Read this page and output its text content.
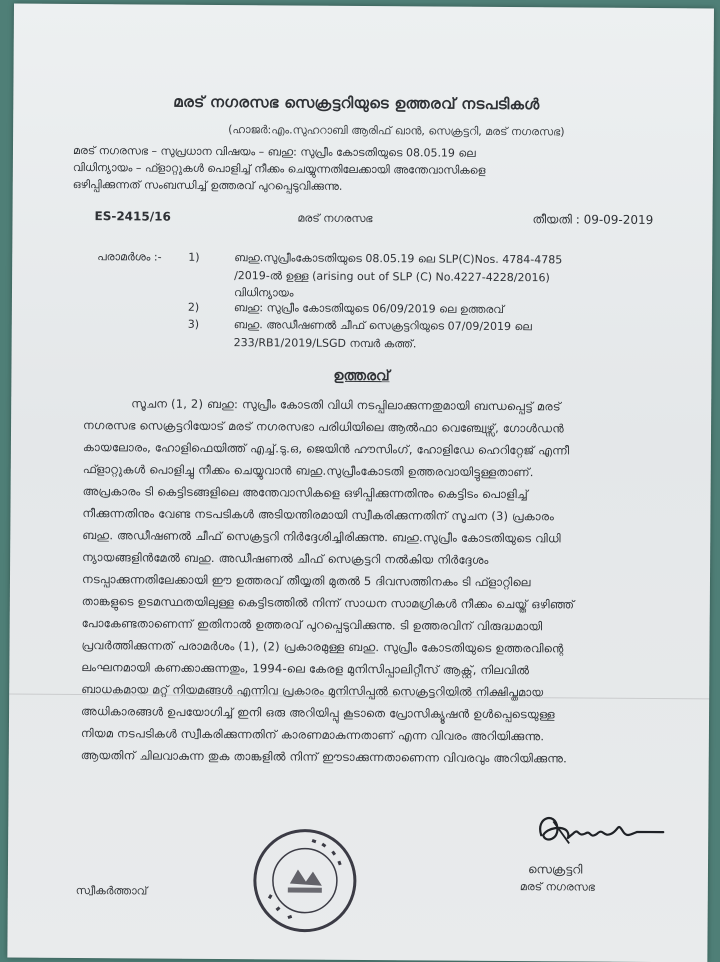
മരട് നഗരസഭ സെക്രട്ടറിയുടെ ഉത്തരവ് നടപടികൾ
(ഹാജർ:എം.സുഹറാബി ആരിഫ് ഖാൻ, സെക്രട്ടറി, മരട് നഗരസഭ)
മരട് നഗരസഭ – സുപ്രധാന വിഷയം – ബഹു: സുപ്രീം കോടതിയുടെ 08.05.19 ലെ
വിധിന്യായം – ഫ്ളാറ്റുകൾ പൊളിച്ച് നീക്കം ചെയ്യുന്നതിലേക്കായി അന്തേവാസികളെ
ഒഴിപ്പിക്കുന്നത് സംബന്ധിച്ച് ഉത്തരവ് പുറപ്പെടുവിക്കുന്നു.
ES-2415/16	മരട് നഗരസഭ	തീയതി : 09-09-2019
പരാമർശം :- 1)	ബഹു.സുപ്രീംകോടതിയുടെ 08.05.19 ലെ SLP(C)Nos. 4784-4785
/2019-ൽ ഉള്ള (arising out of SLP (C) No.4227-4228/2016)
വിധിന്യായം
2)	ബഹു: സുപ്രീം കോടതിയുടെ 06/09/2019 ലെ ഉത്തരവ്
3)	ബഹു. അഡീഷണൽ ചീഫ് സെക്രട്ടറിയുടെ 07/09/2019 ലെ
233/RB1/2019/LSGD നമ്പർ കത്ത്.
ഉത്തരവ്
സൂചന (1, 2) ബഹു: സുപ്രീം കോടതി വിധി നടപ്പിലാക്കുന്നതുമായി ബന്ധപ്പെട്ട് മരട്
നഗരസഭ സെക്രട്ടറിയോട് മരട് നഗരസഭാ പരിധിയിലെ ആൽഫാ വെഞ്ച്വേഴ്സ്, ഗോൾഡൻ
കായലോരം, ഹോളിഫെയിത്ത് എച്ച്.ടു.ഒ, ജെയിൻ ഹൗസിംഗ്, ഹോളിഡേ ഹെറിറ്റേജ് എന്നീ
ഫ്ളാറ്റുകൾ പൊളിച്ചു നീക്കം ചെയ്യുവാൻ ബഹു.സുപ്രീംകോടതി ഉത്തരവായിട്ടുള്ളതാണ്.
അപ്രകാരം ടി കെട്ടിടങ്ങളിലെ അന്തേവാസികളെ ഒഴിപ്പിക്കുന്നതിനും കെട്ടിടം പൊളിച്ച്
നീക്കുന്നതിനും വേണ്ട നടപടികൾ അടിയന്തിരമായി സ്വീകരിക്കുന്നതിന് സൂചന (3) പ്രകാരം
ബഹു. അഡീഷണൽ ചീഫ് സെക്രട്ടറി നിർദ്ദേശിച്ചിരിക്കുന്നു. ബഹു.സുപ്രീം കോടതിയുടെ വിധി
ന്യായങ്ങളിൻമേൽ ബഹു. അഡീഷണൽ ചീഫ് സെക്രട്ടറി നൽകിയ നിർദ്ദേശം
നടപ്പാക്കുന്നതിലേക്കായി ഈ ഉത്തരവ് തീയ്യതി മുതൽ 5 ദിവസത്തിനകം ടി ഫ്ളാറ്റിലെ
താങ്കളുടെ ഉടമസ്ഥതയിലുള്ള കെട്ടിടത്തിൽ നിന്ന് സാധന സാമഗ്രികൾ നീക്കം ചെയ്ത് ഒഴിഞ്ഞ്
പോകേണ്ടതാണെന്ന് ഇതിനാൽ ഉത്തരവ് പുറപ്പെടുവിക്കുന്നു. ടി ഉത്തരവിന് വിരുദ്ധമായി
പ്രവർത്തിക്കുന്നത് പരാമർശം (1), (2) പ്രകാരമുള്ള ബഹു. സുപ്രീം കോടതിയുടെ ഉത്തരവിന്റെ
ലംഘനമായി കണക്കാക്കുന്നതും, 1994-ലെ കേരള മുനിസിപ്പാലിറ്റീസ് ആക്റ്റ്, നിലവിൽ
ബാധകമായ മറ്റ് നിയമങ്ങൾ എന്നിവ പ്രകാരം മുനിസിപ്പൽ സെക്രട്ടറിയിൽ നിക്ഷിപ്തമായ
അധികാരങ്ങൾ ഉപയോഗിച്ച് ഇനി ഒരു അറിയിപ്പു കൂടാതെ പ്രോസിക്യൂഷൻ ഉൾപ്പെടെയുള്ള
നിയമ നടപടികൾ സ്വീകരിക്കുന്നതിന് കാരണമാകുന്നതാണ് എന്ന വിവരം അറിയിക്കുന്നു.
ആയതിന് ചിലവാകുന്ന തുക താങ്കളിൽ നിന്ന് ഈടാക്കുന്നതാണെന്ന വിവരവും അറിയിക്കുന്നു.
സെക്രട്ടറി
മരട് നഗരസഭ
സ്വീകർത്താവ്
